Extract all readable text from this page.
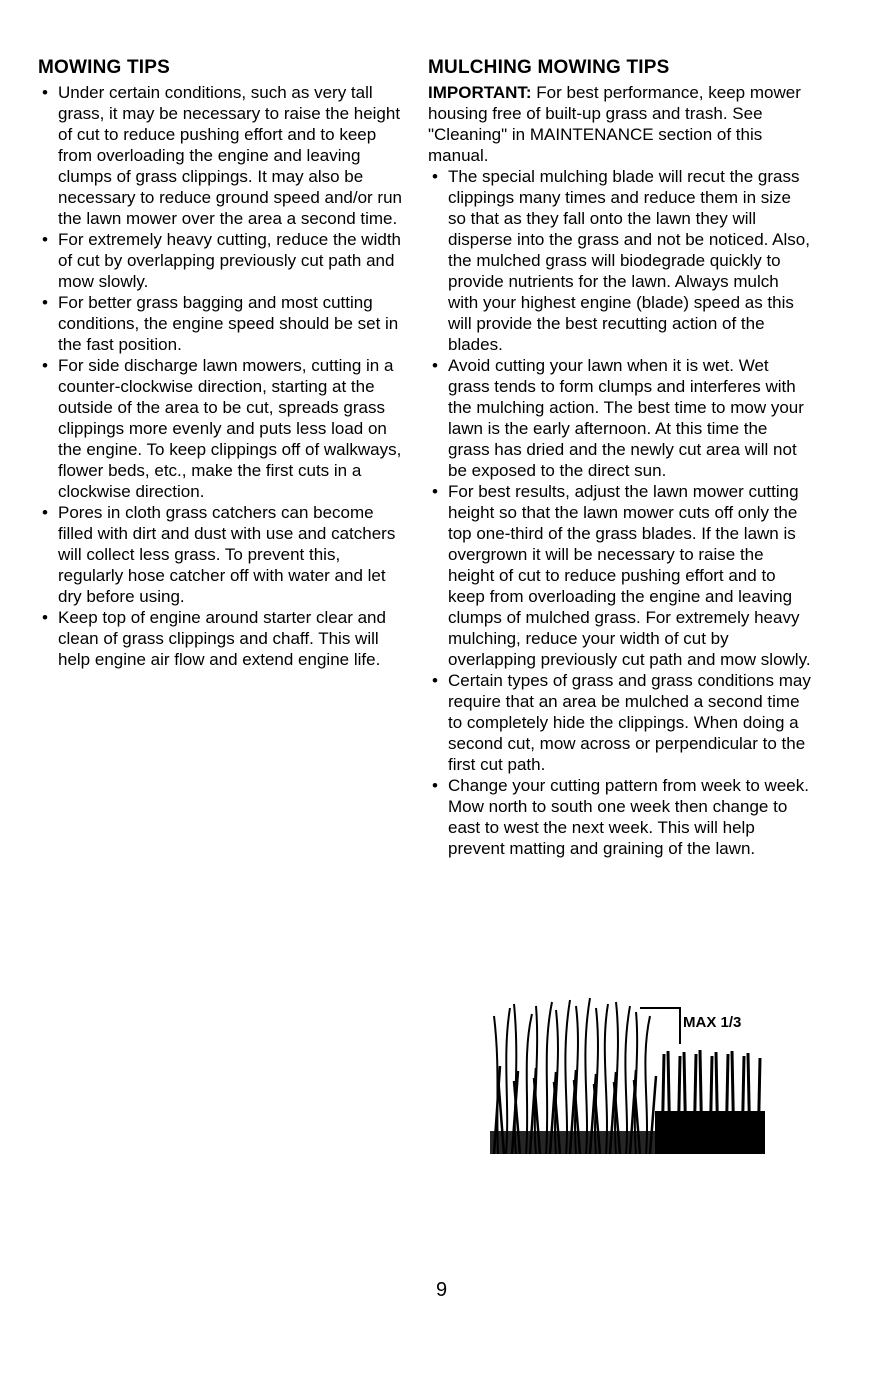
MOWING TIPS
• Under certain conditions, such as very tall grass, it may be necessary to raise the height of cut to reduce pushing effort and to keep from overloading the engine and leaving clumps of grass clippings. It may also be necessary to reduce ground speed and/or run the lawn mower over the area a second time.
• For extremely heavy cutting, reduce the width of cut by overlapping previously cut path and mow slowly.
• For better grass bagging and most cutting conditions, the engine speed should be set in the fast position.
• For side discharge lawn mowers, cutting in a counter-clockwise direction, starting at the outside of the area to be cut, spreads grass clippings more evenly and puts less load on the engine. To keep clippings off of walkways, flower beds, etc., make the first cuts in a clockwise direction.
• Pores in cloth grass catchers can become filled with dirt and dust with use and catchers will collect less grass. To prevent this, regularly hose catcher off with water and let dry before using.
• Keep top of engine around starter clear and clean of grass clippings and chaff. This will help engine air flow and extend engine life.
MULCHING MOWING TIPS
IMPORTANT: For best performance, keep mower housing free of built-up grass and trash. See "Cleaning" in MAINTENANCE section of this manual.
• The special mulching blade will recut the grass clippings many times and reduce them in size so that as they fall onto the lawn they will disperse into the grass and not be noticed. Also, the mulched grass will biodegrade quickly to provide nutrients for the lawn. Always mulch with your highest engine (blade) speed as this will provide the best recutting action of the blades.
• Avoid cutting your lawn when it is wet. Wet grass tends to form clumps and interferes with the mulching action. The best time to mow your lawn is the early afternoon. At this time the grass has dried and the newly cut area will not be exposed to the direct sun.
• For best results, adjust the lawn mower cutting height so that the lawn mower cuts off only the top one-third of the grass blades. If the lawn is overgrown it will be necessary to raise the height of cut to reduce pushing effort and to keep from overloading the engine and leaving clumps of mulched grass. For extremely heavy mulching, reduce your width of cut by overlapping previously cut path and mow slowly.
• Certain types of grass and grass conditions may require that an area be mulched a second time to completely hide the clippings. When doing a second cut, mow across or perpendicular to the first cut path.
• Change your cutting pattern from week to week. Mow north to south one week then change to east to west the next week. This will help prevent matting and graining of the lawn.
MAX 1/3
9
